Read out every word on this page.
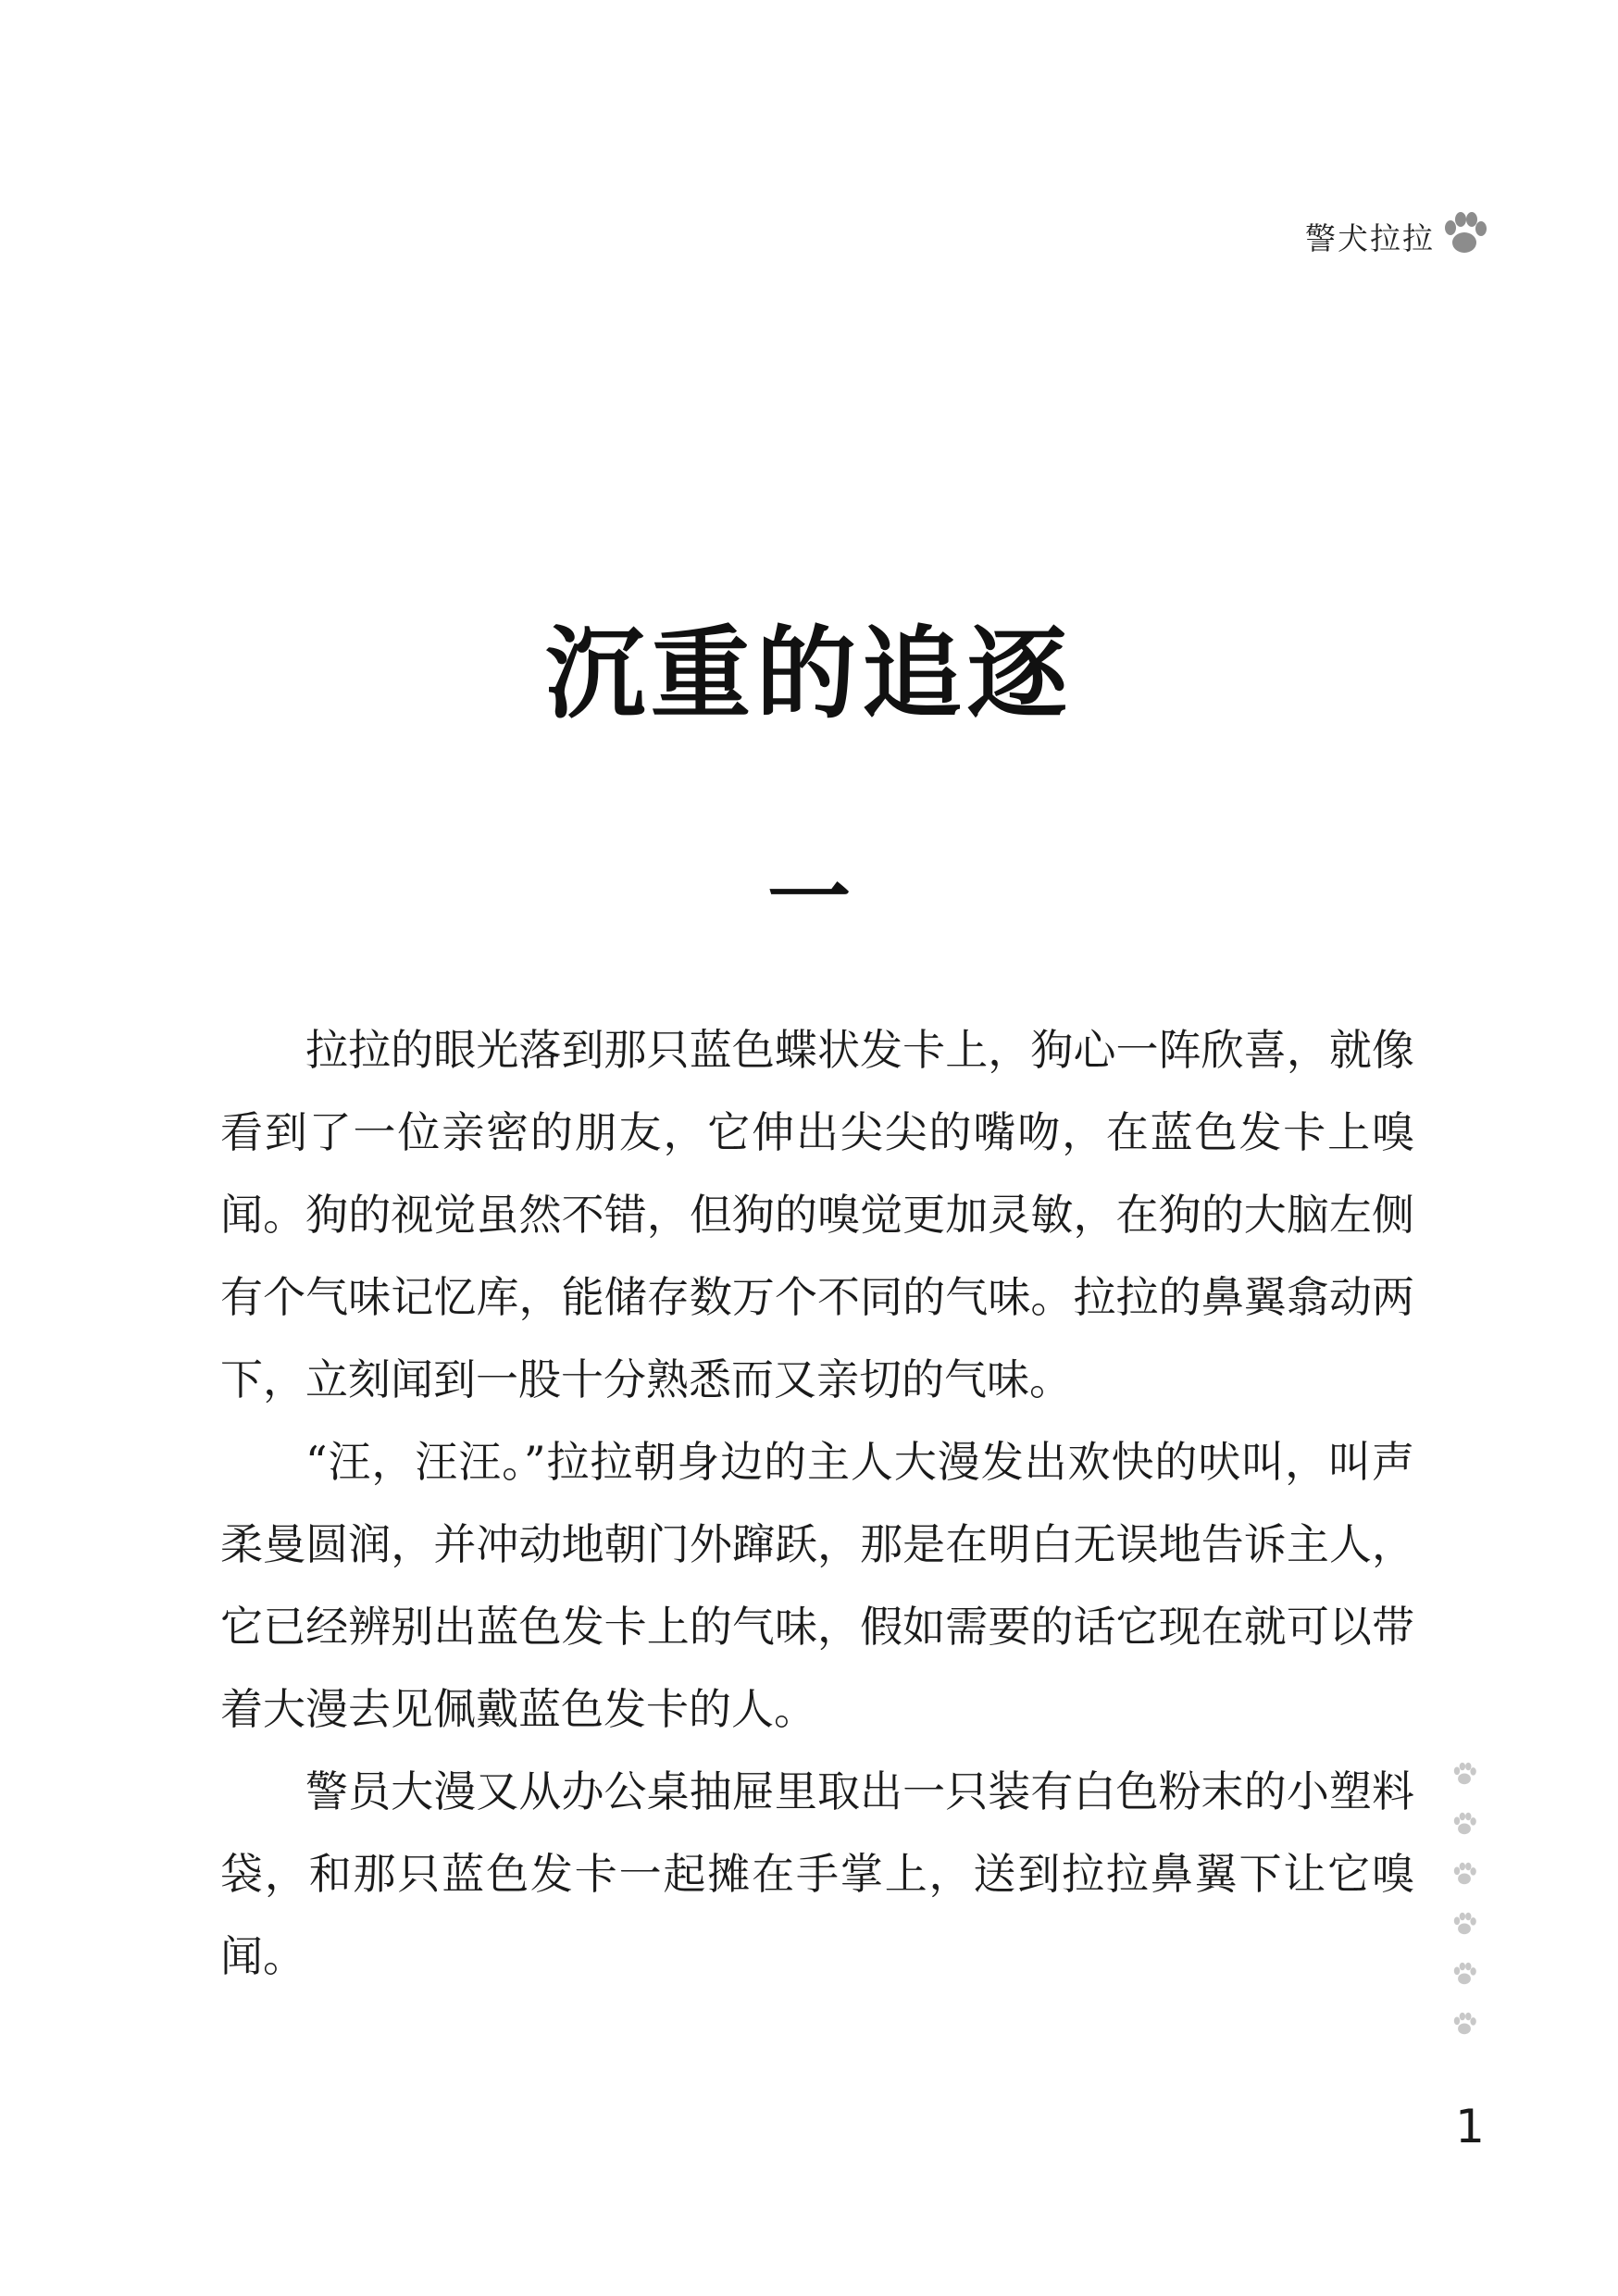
警犬拉拉
沉重的追逐
一

拉拉的眼光落到那只蓝色蝶状发卡上，狗心一阵欣喜，就像看到了一位亲密的朋友，它伸出尖尖的嘴吻，在蓝色发卡上嗅闻。狗的视觉虽然不错，但狗的嗅觉更加灵敏，在狗的大脑左侧有个气味记忆库，能储存数万个不同的气味。拉拉的鼻翼翕动两下，立刻闻到一股十分熟悉而又亲切的气味。

“汪，汪汪。”拉拉朝身边的主人大漫发出欢快的吠叫，叫声柔曼圆润，并冲动地朝门外蹿跃，那是在明白无误地告诉主人，它已经辨别出蓝色发卡上的气味，假如需要的话它现在就可以带着大漫去见佩戴蓝色发卡的人。

警员大漫又从办公桌抽屉里取出一只装有白色粉末的小塑料袋，和那只蓝色发卡一起摊在手掌上，送到拉拉鼻翼下让它嗅闻。

1
